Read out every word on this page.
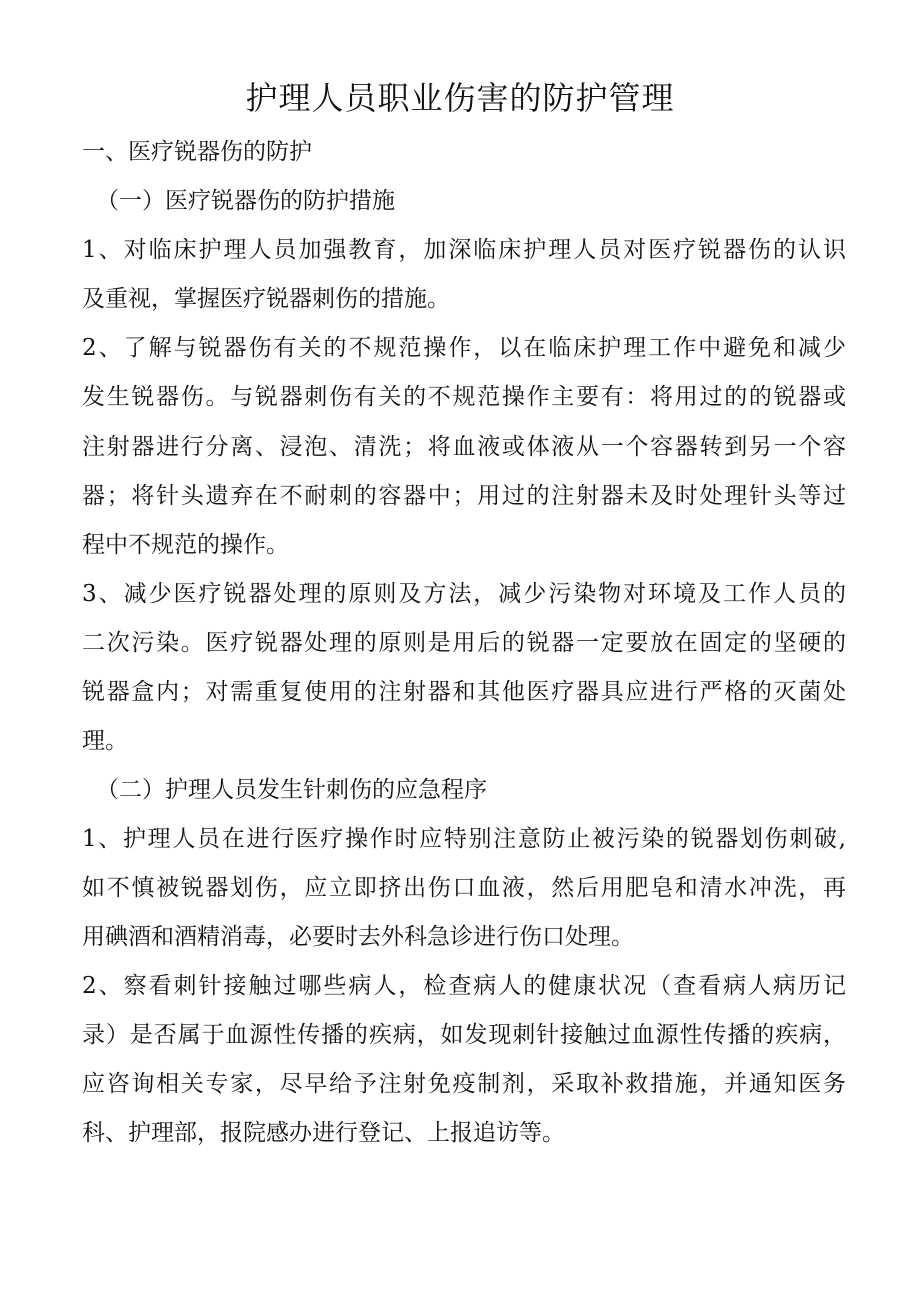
护理人员职业伤害的防护管理

一、医疗锐器伤的防护

（一）医疗锐器伤的防护措施

1、对临床护理人员加强教育，加深临床护理人员对医疗锐器伤的认识

及重视，掌握医疗锐器刺伤的措施。

2、了解与锐器伤有关的不规范操作，以在临床护理工作中避免和减少

发生锐器伤。与锐器刺伤有关的不规范操作主要有：将用过的的锐器或

注射器进行分离、浸泡、清洗；将血液或体液从一个容器转到另一个容

器；将针头遗弃在不耐刺的容器中；用过的注射器未及时处理针头等过

程中不规范的操作。

3、减少医疗锐器处理的原则及方法，减少污染物对环境及工作人员的

二次污染。医疗锐器处理的原则是用后的锐器一定要放在固定的坚硬的

锐器盒内；对需重复使用的注射器和其他医疗器具应进行严格的灭菌处

理。

（二）护理人员发生针刺伤的应急程序

1、护理人员在进行医疗操作时应特别注意防止被污染的锐器划伤刺破,

如不慎被锐器划伤，应立即挤出伤口血液，然后用肥皂和清水冲洗，再

用碘酒和酒精消毒，必要时去外科急诊进行伤口处理。

2、察看刺针接触过哪些病人，检查病人的健康状况（查看病人病历记

录）是否属于血源性传播的疾病，如发现刺针接触过血源性传播的疾病，

应咨询相关专家，尽早给予注射免疫制剂，采取补救措施，并通知医务

科、护理部，报院感办进行登记、上报追访等。
